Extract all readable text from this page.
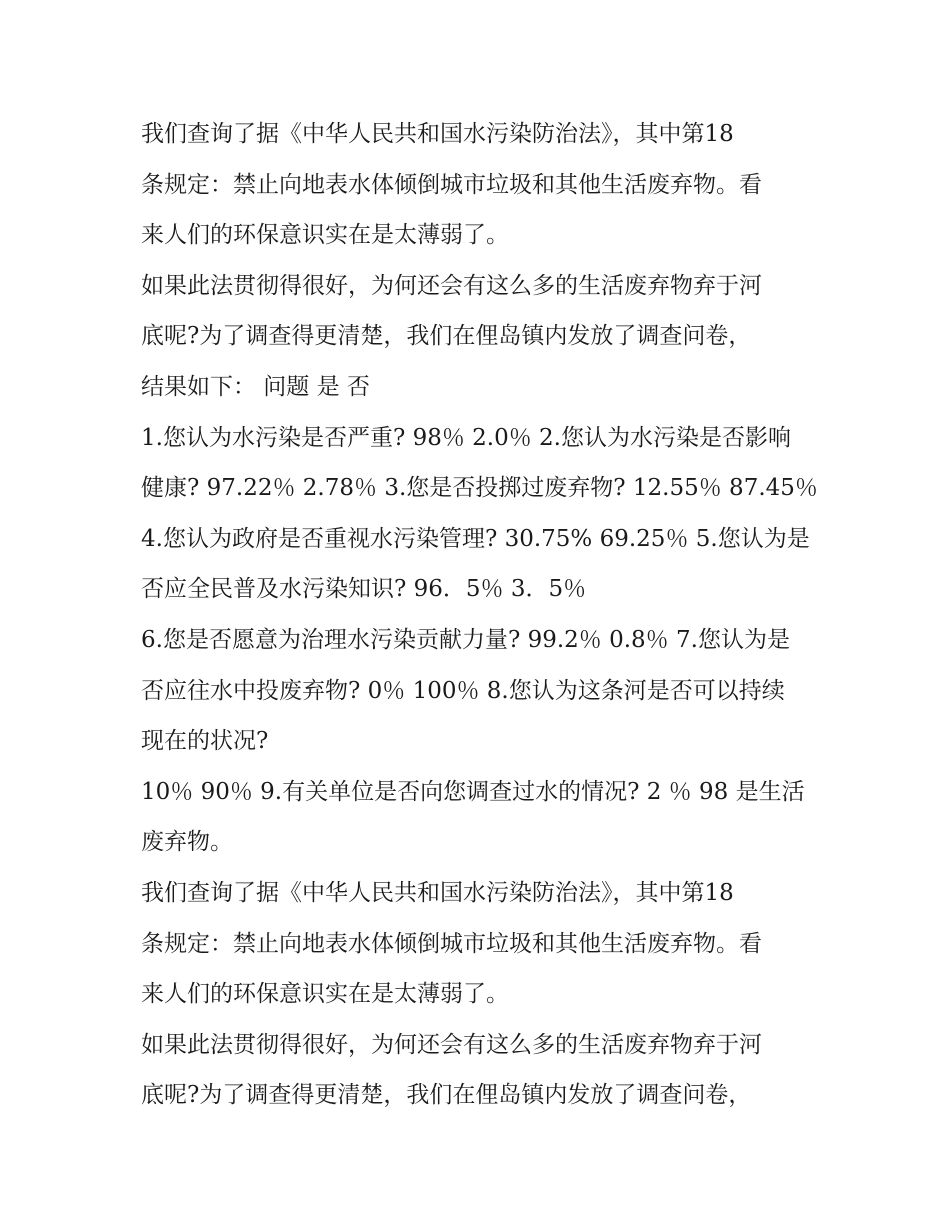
我们查询了据《中华人民共和国水污染防治法》，其中第18
条规定：禁止向地表水体倾倒城市垃圾和其他生活废弃物。看
来人们的环保意识实在是太薄弱了。
如果此法贯彻得很好，为何还会有这么多的生活废弃物弃于河
底呢?为了调查得更清楚，我们在俚岛镇内发放了调查问卷，
结果如下： 问题 是 否
1.您认为水污染是否严重? 98％ 2.0％ 2.您认为水污染是否影响
健康? 97.22％ 2.78％ 3.您是否投掷过废弃物? 12.55％ 87.45％
4.您认为政府是否重视水污染管理? 30.75% 69.25％ 5.您认为是
否应全民普及水污染知识? 96．5％ 3．5％
6.您是否愿意为治理水污染贡献力量? 99.2％ 0.8％ 7.您认为是
否应往水中投废弃物? 0％ 100％ 8.您认为这条河是否可以持续
现在的状况?
10％ 90％ 9.有关单位是否向您调查过水的情况? 2 ％ 98 是生活
废弃物。
我们查询了据《中华人民共和国水污染防治法》，其中第18
条规定：禁止向地表水体倾倒城市垃圾和其他生活废弃物。看
来人们的环保意识实在是太薄弱了。
如果此法贯彻得很好，为何还会有这么多的生活废弃物弃于河
底呢?为了调查得更清楚，我们在俚岛镇内发放了调查问卷，
